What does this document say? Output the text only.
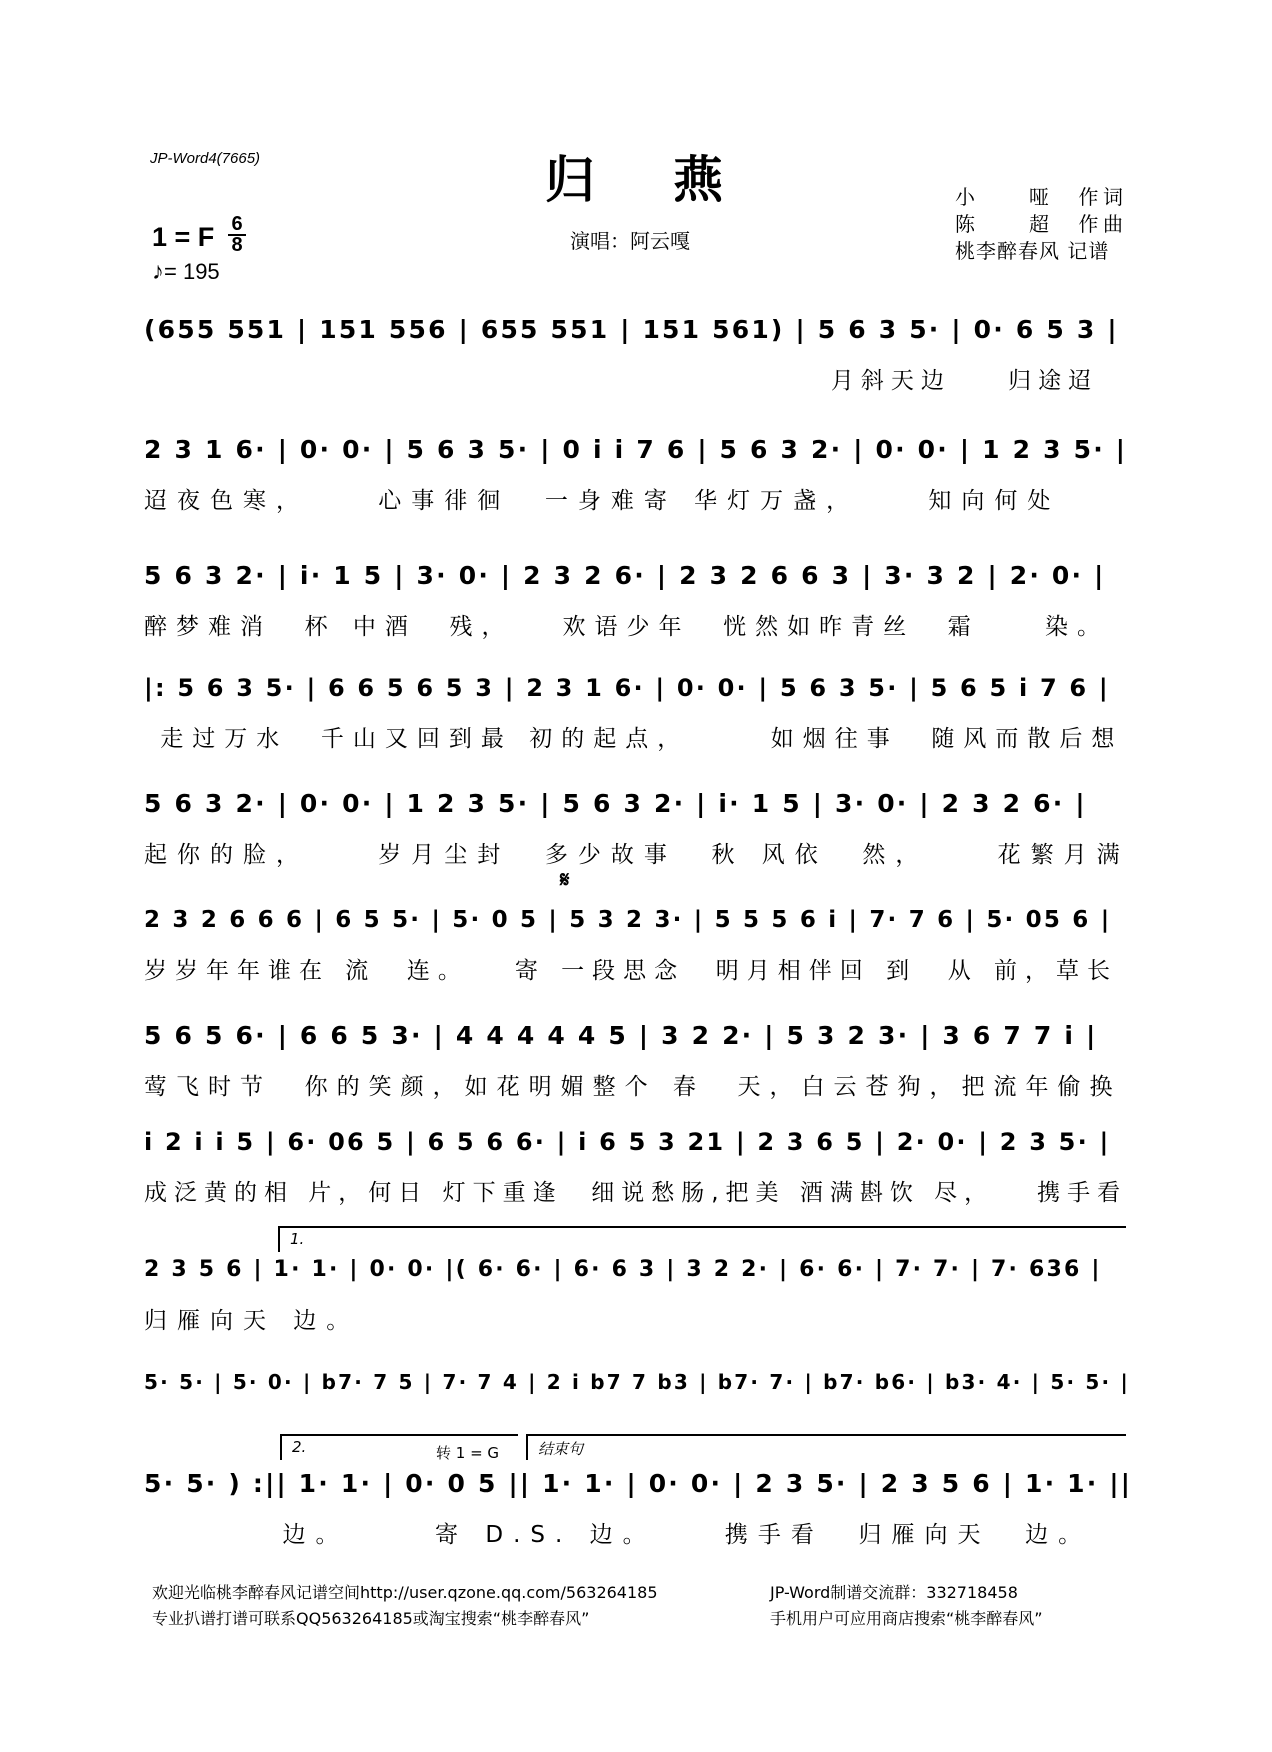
JP-Word4(7665)	归燕	小　　哑　作词
陈　　超　作曲
桃李醉春风 记谱
1 = F 6
8
♪= 195
演唱：阿云嘎
(655 551 | 151 556 | 655 551 | 151 561) | 5 6 3 5· | 0· 6 5 3 |
月斜天边    归途迢
2 3 1 6· | 0· 0· | 5 6 3 5· | 0 i i 7 6 | 5 6 3 2· | 0· 0· | 1 2 3 5· |
迢夜色寒，    心事徘徊  一身难寄 华灯万盏，    知向何处
5 6 3 2· | i· 1 5 | 3· 0· | 2 3 2 6· | 2 3 2 6 6 3 | 3· 3 2 | 2· 0· |
醉梦难消  杯 中酒  残，   欢语少年  恍然如昨青丝  霜    染。
|: 5 6 3 5· | 6 6 5 6 5 3 | 2 3 1 6· | 0· 0· | 5 6 3 5· | 5 6 5 i 7 6 |
走过万水  千山又回到最 初的起点，     如烟往事  随风而散后想
5 6 3 2· | 0· 0· | 1 2 3 5· | 5 6 3 2· | i· 1 5 | 3· 0· | 2 3 2 6· |
起你的脸，    岁月尘封  多少故事  秋 风依  然，    花繁月满
𝄋
2 3 2 6 6 6 | 6 5 5· | 5· 0 5 | 5 3 2 3· | 5 5 5 6 i | 7· 7 6 | 5· 05 6 |
岁岁年年谁在 流  连。   寄 一段思念  明月相伴回 到  从 前，草长
5 6 5 6· | 6 6 5 3· | 4 4 4 4 4 5 | 3 2 2· | 5 3 2 3· | 3 6 7 7 i |
莺飞时节  你的笑颜，如花明媚整个 春  天，白云苍狗，把流年偷换
i 2 i i 5 | 6· 06 5 | 6 5 6 6· | i 6 5 3 21 | 2 3 6 5 | 2· 0· | 2 3 5· |
成泛黄的相 片，何日 灯下重逢  细说愁肠,把美 酒满斟饮 尽，   携手看
1.
2 3 5 6 | 1· 1· | 0· 0· |( 6· 6· | 6· 6 3 | 3 2 2· | 6· 6· | 7· 7· | 7· 636 |
归雁向天 边。
5· 5· | 5· 0· | b7· 7 5 | 7· 7 4 | 2 i b7 7 b3 | b7· 7· | b7· b6· | b3· 4· | 5· 5· |
2.	转 1 = G	结束句
5· 5· ) :|| 1· 1· | 0· 0 5 || 1· 1· | 0· 0· | 2 3 5· | 2 3 5 6 | 1· 1· ||
边。     寄 D.S. 边。    携手看  归雁向天  边。
欢迎光临桃李醉春风记谱空间http://user.qzone.qq.com/563264185
专业扒谱打谱可联系QQ563264185或淘宝搜索“桃李醉春风”
JP-Word制谱交流群：332718458
手机用户可应用商店搜索“桃李醉春风”
